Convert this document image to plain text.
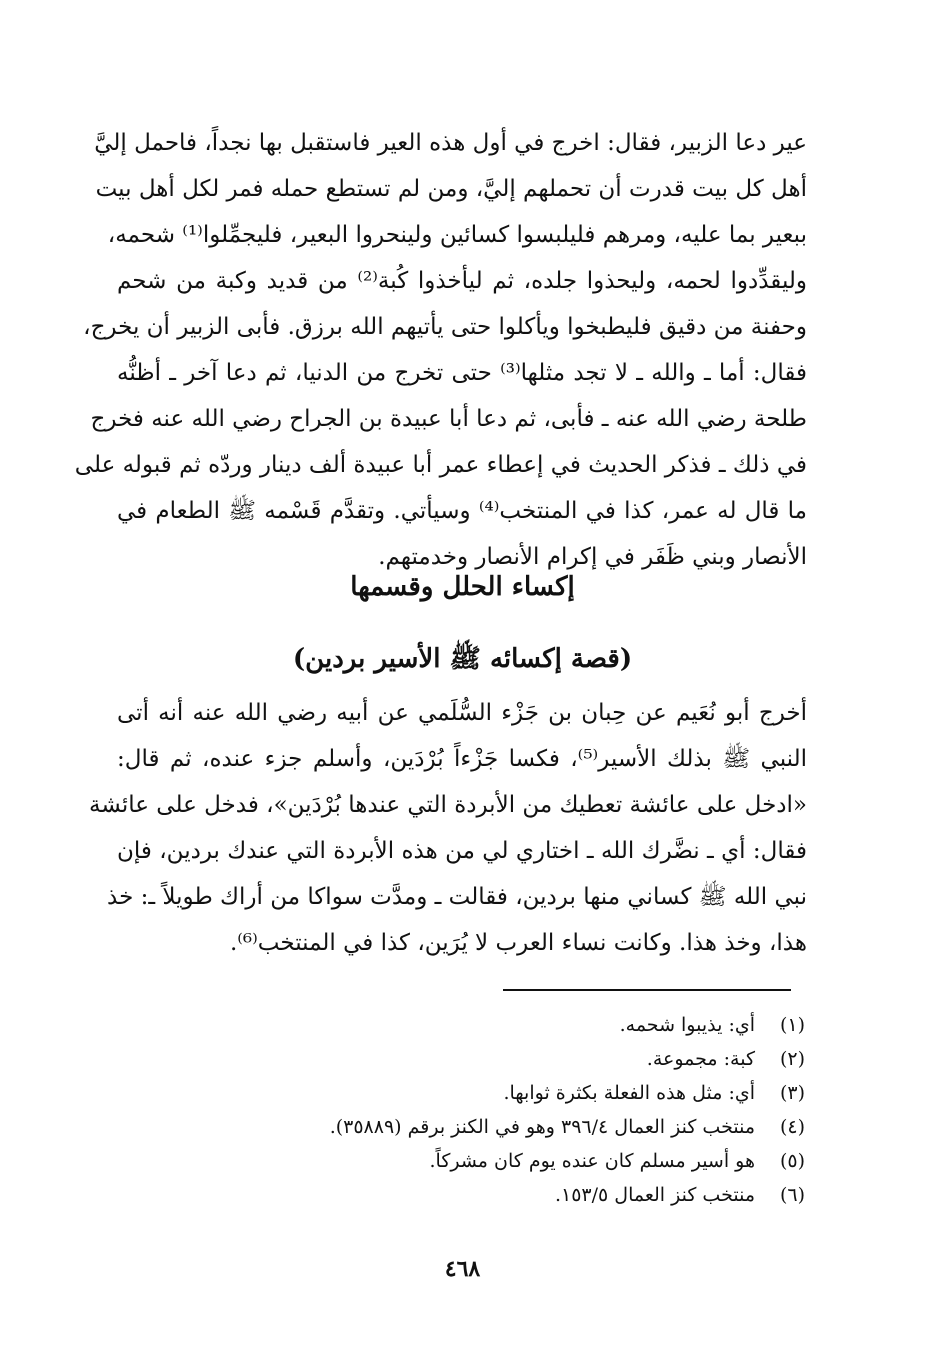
عير دعا الزبير، فقال: اخرج في أول هذه العير فاستقبل بها نجداً، فاحمل إليَّ
أهل كل بيت قدرت أن تحملهم إليَّ، ومن لم تستطع حمله فمر لكل أهل بيت
ببعير بما عليه، ومرهم فليلبسوا كسائين ولينحروا البعير، فليجمِّلوا⁽¹⁾ شحمه،
وليقدِّدوا لحمه، وليحذوا جلده، ثم ليأخذوا كُبة⁽²⁾ من قديد وكبة من شحم
وحفنة من دقيق فليطبخوا ويأكلوا حتى يأتيهم الله برزق. فأبى الزبير أن يخرج،
فقال: أما ـ والله ـ لا تجد مثلها⁽³⁾ حتى تخرج من الدنيا، ثم دعا آخر ـ أظنُّه
طلحة رضي الله عنه ـ فأبى، ثم دعا أبا عبيدة بن الجراح رضي الله عنه فخرج
في ذلك ـ فذكر الحديث في إعطاء عمر أبا عبيدة ألف دينار وردّه ثم قبوله على
ما قال له عمر، كذا في المنتخب⁽⁴⁾ وسيأتي. وتقدَّم قَسْمه ﷺ الطعام في
الأنصار وبني ظَفَر في إكرام الأنصار وخدمتهم.
إكساء الحلل وقسمها
(قصة إكسائه ﷺ الأسير بردين)
أخرج أبو نُعَيم عن حِبان بن جَزْء السُّلَمي عن أبيه رضي الله عنه أنه أتى
النبي ﷺ بذلك الأسير⁽⁵⁾، فكسا جَزْءاً بُرْدَين، وأسلم جزء عنده، ثم قال:
«ادخل على عائشة تعطيك من الأبردة التي عندها بُرْدَين»، فدخل على عائشة
فقال: أي ـ نضَّرك الله ـ اختاري لي من هذه الأبردة التي عندك بردين، فإن
نبي الله ﷺ كساني منها بردين، فقالت ـ ومدَّت سواكا من أراك طويلاً ـ: خذ
هذا، وخذ هذا. وكانت نساء العرب لا يُرَين، كذا في المنتخب⁽⁶⁾.
(١)
أي: يذيبوا شحمه.
(٢)
كبة: مجموعة.
(٣)
أي: مثل هذه الفعلة بكثرة ثوابها.
(٤)
منتخب كنز العمال ٣٩٦/٤ وهو في الكنز برقم (٣٥٨٨٩).
(٥)
هو أسير مسلم كان عنده يوم كان مشركاً.
(٦)
منتخب كنز العمال ١٥٣/٥.
٤٦٨
